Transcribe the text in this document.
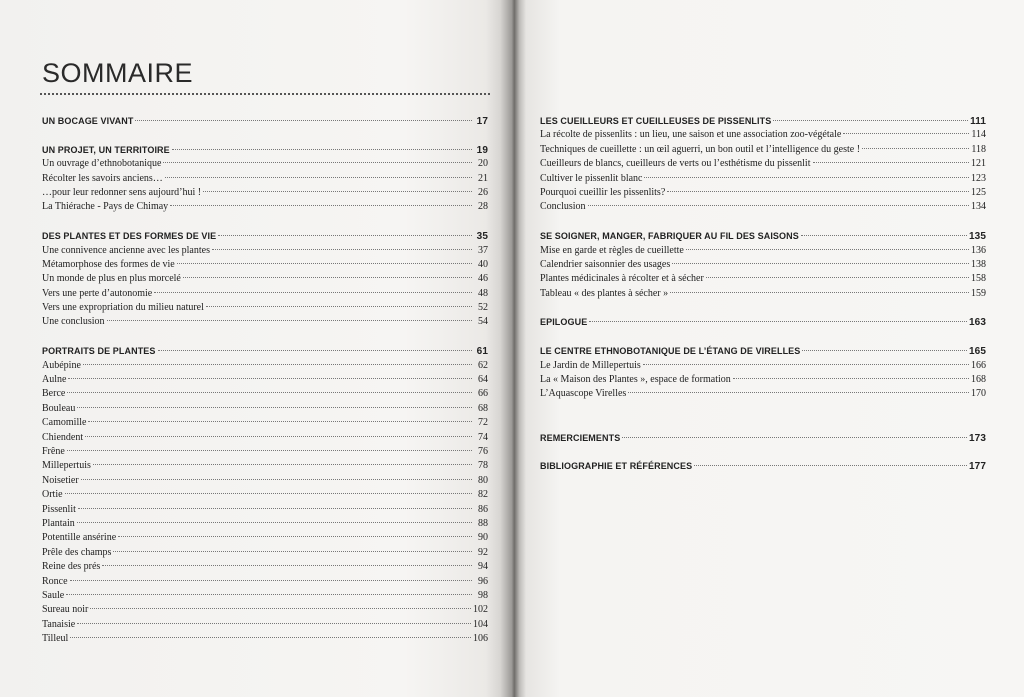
SOMMAIRE
UN BOCAGE VIVANT	17
UN PROJET, UN TERRITOIRE	19
Un ouvrage d’ethnobotanique	20
Récolter les savoirs anciens…	21
…pour leur redonner sens aujourd’hui !	26
La Thiérache - Pays de Chimay	28
DES PLANTES ET DES FORMES DE VIE	35
Une connivence ancienne avec les plantes	37
Métamorphose des formes de vie	40
Un monde de plus en plus morcelé	46
Vers une perte d’autonomie	48
Vers une expropriation du milieu naturel	52
Une conclusion	54
PORTRAITS DE PLANTES	61
Aubépine	62
Aulne	64
Berce	66
Bouleau	68
Camomille	72
Chiendent	74
Frêne	76
Millepertuis	78
Noisetier	80
Ortie	82
Pissenlit	86
Plantain	88
Potentille ansérine	90
Prêle des champs	92
Reine des prés	94
Ronce	96
Saule	98
Sureau noir	102
Tanaisie	104
Tilleul	106
LES CUEILLEURS ET CUEILLEUSES DE PISSENLITS	111
La récolte de pissenlits : un lieu, une saison et une association zoo-végétale	114
Techniques de cueillette : un œil aguerri, un bon outil et l’intelligence du geste !	118
Cueilleurs de blancs, cueilleurs de verts ou l’esthétisme du pissenlit	121
Cultiver le pissenlit blanc	123
Pourquoi cueillir les pissenlits?	125
Conclusion	134
SE SOIGNER, MANGER, FABRIQUER AU FIL DES SAISONS	135
Mise en garde et règles de cueillette	136
Calendrier saisonnier des usages	138
Plantes médicinales à récolter et à sécher	158
Tableau « des plantes à sécher »	159
EPILOGUE	163
LE CENTRE ETHNOBOTANIQUE DE L’ÉTANG DE VIRELLES	165
Le Jardin de Millepertuis	166
La « Maison des Plantes », espace de formation	168
L’Aquascope Virelles	170
REMERCIEMENTS	173
BIBLIOGRAPHIE ET RÉFÉRENCES	177
